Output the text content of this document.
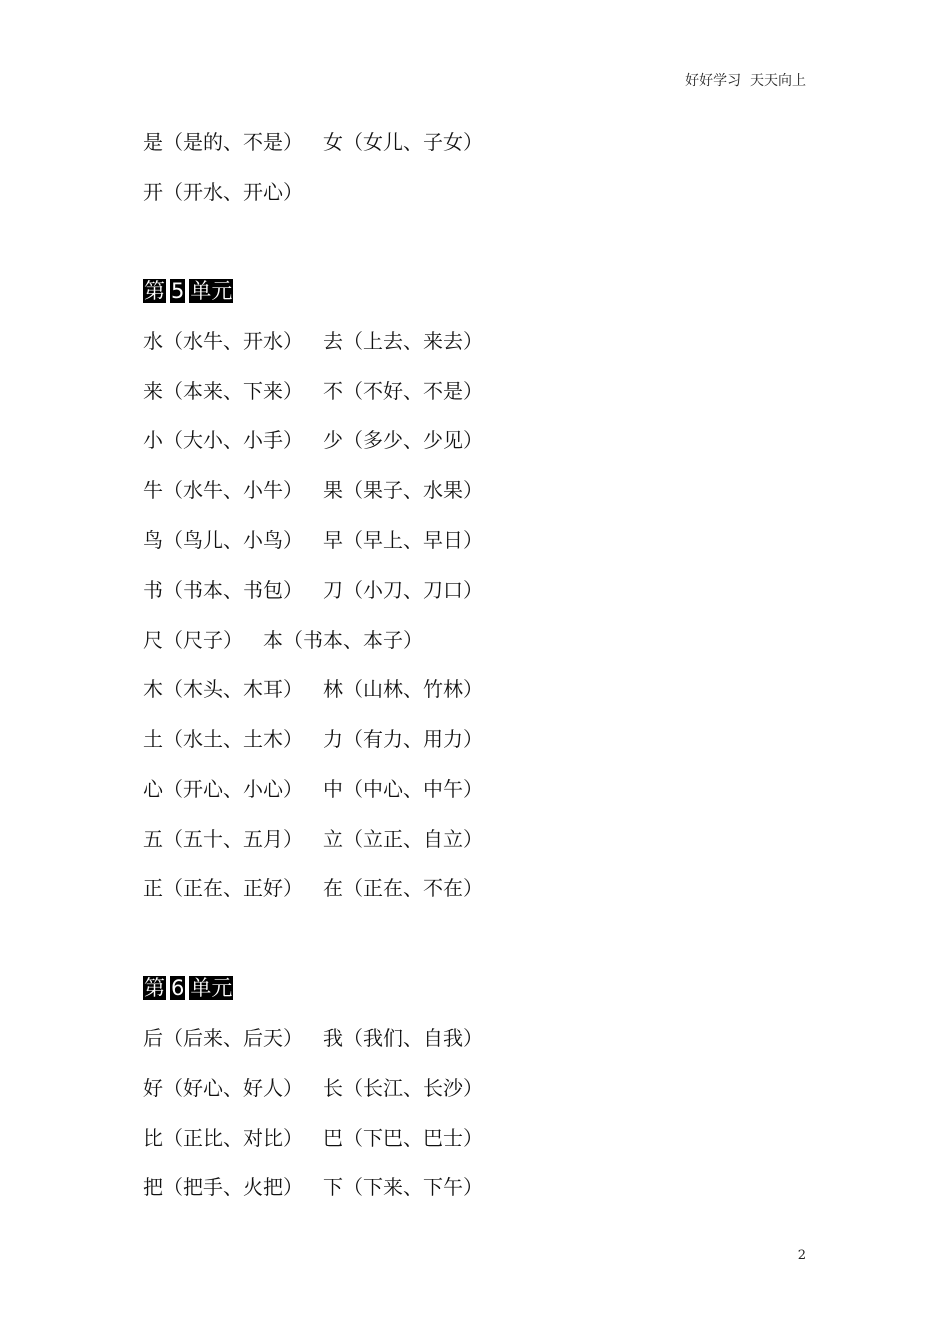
好好学习  天天向上
是（是的、不是） 女（女儿、子女）
开（开水、开心）
第 5 单元
水（水牛、开水） 去（上去、来去）
来（本来、下来） 不（不好、不是）
小（大小、小手） 少（多少、少见）
牛（水牛、小牛） 果（果子、水果）
鸟（鸟儿、小鸟） 早（早上、早日）
书（书本、书包） 刀（小刀、刀口）
尺（尺子） 本（书本、本子）
木（木头、木耳） 林（山林、竹林）
土（水土、土木） 力（有力、用力）
心（开心、小心） 中（中心、中午）
五（五十、五月） 立（立正、自立）
正（正在、正好） 在（正在、不在）
第 6 单元
后（后来、后天） 我（我们、自我）
好（好心、好人） 长（长江、长沙）
比（正比、对比） 巴（下巴、巴士）
把（把手、火把） 下（下来、下午）
2
